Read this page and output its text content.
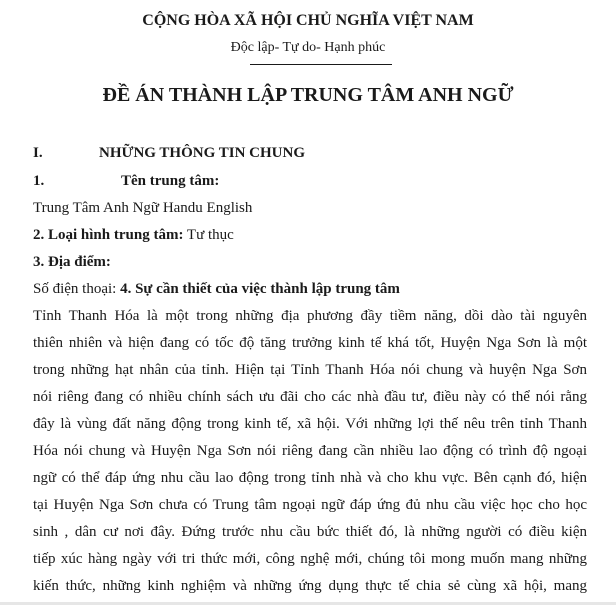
CỘNG HÒA XÃ HỘI CHỦ NGHĨA VIỆT NAM
Độc lập- Tự do- Hạnh phúc
ĐỀ ÁN THÀNH LẬP TRUNG TÂM ANH NGỮ
I.	NHỮNG THÔNG TIN CHUNG
1.	Tên trung tâm:
Trung Tâm Anh Ngữ Handu English
2. Loại hình trung tâm: Tư thục
3. Địa điểm:
Số điện thoại: 4. Sự cần thiết của việc thành lập trung tâm
Tỉnh Thanh Hóa là một trong những địa phương đầy tiềm năng, dồi dào tài nguyên
thiên nhiên và hiện đang có tốc độ tăng trưởng kinh tế khá tốt, Huyện Nga Sơn là một
trong những hạt nhân của tỉnh. Hiện tại Tỉnh Thanh Hóa nói chung và huyện Nga Sơn
nói riêng đang có nhiều chính sách ưu đãi cho các nhà đầu tư, điều này có thể nói rằng
đây là vùng đất năng động trong kinh tế, xã hội. Với những lợi thế nêu trên tỉnh Thanh
Hóa nói chung và Huyện Nga Sơn nói riêng đang cần nhiều lao động có trình độ ngoại
ngữ có thể đáp ứng nhu cầu lao động trong tỉnh nhà và cho khu vực. Bên cạnh đó, hiện
tại Huyện Nga Sơn chưa có Trung tâm ngoại ngữ đáp ứng đủ nhu cầu việc học cho học
sinh , dân cư nơi đây. Đứng trước nhu cầu bức thiết đó, là những người có điều kiện
tiếp xúc hàng ngày với tri thức mới, công nghệ mới, chúng tôi mong muốn mang những
kiến thức, những kinh nghiệm và những ứng dụng thực tế chia sẻ cùng xã hội, mang
